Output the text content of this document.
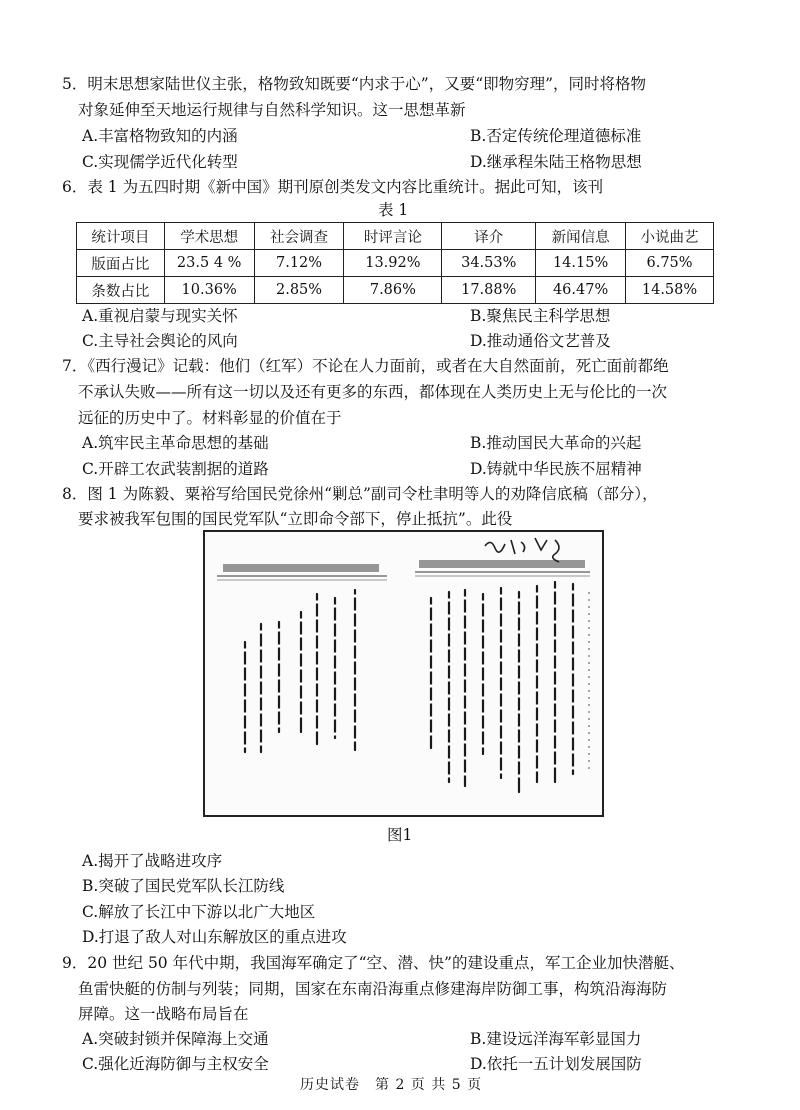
5．明末思想家陆世仪主张，格物致知既要“内求于心”，又要“即物穷理”，同时将格物
对象延伸至天地运行规律与自然科学知识。这一思想革新
A.丰富格物致知的内涵	B.否定传统伦理道德标准
C.实现儒学近代化转型	D.继承程朱陆王格物思想
6．表 1 为五四时期《新中国》期刊原创类发文内容比重统计。据此可知，该刊
表 1
统计项目	学术思想	社会调查	时评言论	译介	新闻信息	小说曲艺
版面占比	23.5 4 %	7.12%	13.92%	34.53%	14.15%	6.75%
条数占比	10.36%	2.85%	7.86%	17.88%	46.47%	14.58%
A.重视启蒙与现实关怀	B.聚焦民主科学思想
C.主导社会舆论的风向	D.推动通俗文艺普及
7．《西行漫记》记载：他们（红军）不论在人力面前，或者在大自然面前，死亡面前都绝
不承认失败——所有这一切以及还有更多的东西，都体现在人类历史上无与伦比的一次
远征的历史中了。材料彰显的价值在于
A.筑牢民主革命思想的基础	B.推动国民大革命的兴起
C.开辟工农武装割据的道路	D.铸就中华民族不屈精神
8．图 1 为陈毅、粟裕写给国民党徐州“剿总”副司令杜聿明等人的劝降信底稿（部分），
要求被我军包围的国民党军队“立即命令部下，停止抵抗”。此役
图1
A.揭开了战略进攻序
B.突破了国民党军队长江防线
C.解放了长江中下游以北广大地区
D.打退了敌人对山东解放区的重点进攻
9．20 世纪 50 年代中期，我国海军确定了“空、潜、快”的建设重点，军工企业加快潜艇、
鱼雷快艇的仿制与列装；同期，国家在东南沿海重点修建海岸防御工事，构筑沿海海防
屏障。这一战略布局旨在
A.突破封锁并保障海上交通	B.建设远洋海军彰显国力
C.强化近海防御与主权安全	D.依托一五计划发展国防
历史试卷　第 2 页 共 5 页
